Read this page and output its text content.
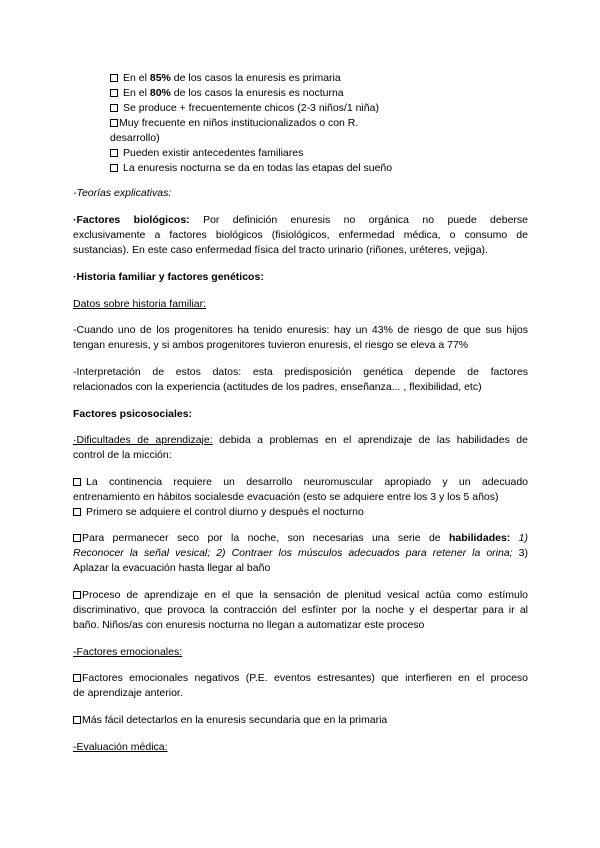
En el 85% de los casos la enuresis es primaria
En el 80% de los casos la enuresis es nocturna
Se produce + frecuentemente chicos (2-3 niños/1 niña)
Muy frecuente en niños institucionalizados o con R.
desarrollo)
Pueden existir antecedentes familiares
La enuresis nocturna se da en todas las etapas del sueño
-Teorías explicativas:
·Factores biológicos: Por definición enuresis no orgánica no puede deberse
exclusivamente a factores biológicos (fisiológicos, enfermedad médica, o consumo de
sustancias). En este caso enfermedad física del tracto urinario (riñones, uréteres, vejiga).
·Historia familiar y factores genéticos:
Datos sobre historia familiar:
-Cuando uno de los progenitores ha tenido enuresis: hay un 43% de riesgo de que sus hijos
tengan enuresis, y si ambos progenitores tuvieron enuresis, el riesgo se eleva a 77%
-Interpretación de estos datos: esta predisposición genética depende de factores
relacionados con la experiencia (actitudes de los padres, enseñanza... , flexibilidad, etc)
Factores psicosociales:
·Dificultades de aprendizaje: debida a problemas en el aprendizaje de las habilidades de
control de la micción:
La continencia requiere un desarrollo neuromuscular apropiado y un adecuado
entrenamiento en hábitos socialesde evacuación (esto se adquiere entre los 3 y los 5 años)
Primero se adquiere el control diurno y después el nocturno
Para permanecer seco por la noche, son necesarias una serie de habilidades: 1)
Reconocer la señal vesical; 2) Contraer los músculos adecuados para retener la orina; 3)
Aplazar la evacuación hasta llegar al baño
Proceso de aprendizaje en el que la sensación de plenitud vesical actúa como estímulo
discriminativo, que provoca la contracción del esfínter por la noche y el despertar para ir al
baño. Niños/as con enuresis nocturna no llegan a automatizar este proceso
-Factores emocionales:
Factores emocionales negativos (P.E. eventos estresantes) que interfieren en el proceso
de aprendizaje anterior.
Más fácil detectarlos en la enuresis secundaria que en la primaria
-Evaluación médica:
